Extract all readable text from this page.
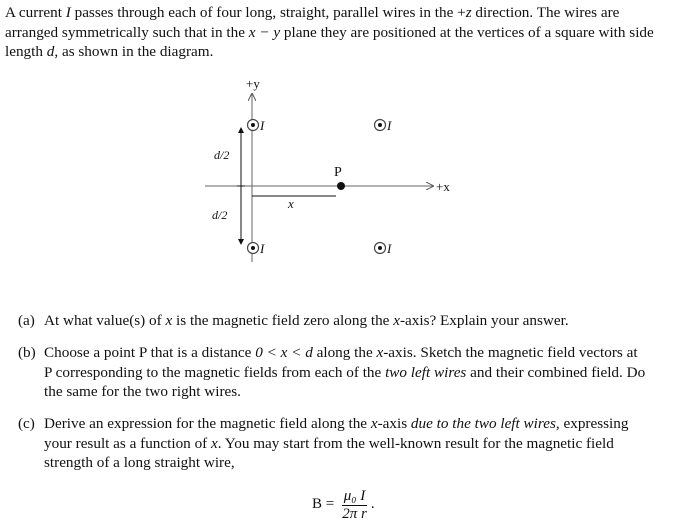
A current I passes through each of four long, straight, parallel wires in the +z direction. The wires are arranged symmetrically such that in the x − y plane they are positioned at the vertices of a square with side length d, as shown in the diagram.
+y
+x
d/2
d/2
x
P
I	I
I	I
(a) At what value(s) of x is the magnetic field zero along the x-axis? Explain your answer.
(b) Choose a point P that is a distance 0 < x < d along the x-axis. Sketch the magnetic field vectors at P corresponding to the magnetic fields from each of the two left wires and their combined field. Do the same for the two right wires.
(c) Derive an expression for the magnetic field along the x-axis due to the two left wires, expressing your result as a function of x. You may start from the well-known result for the magnetic field strength of a long straight wire,
$B = \frac{\text{μ₀ I}}{\text{2π r}}$ .
